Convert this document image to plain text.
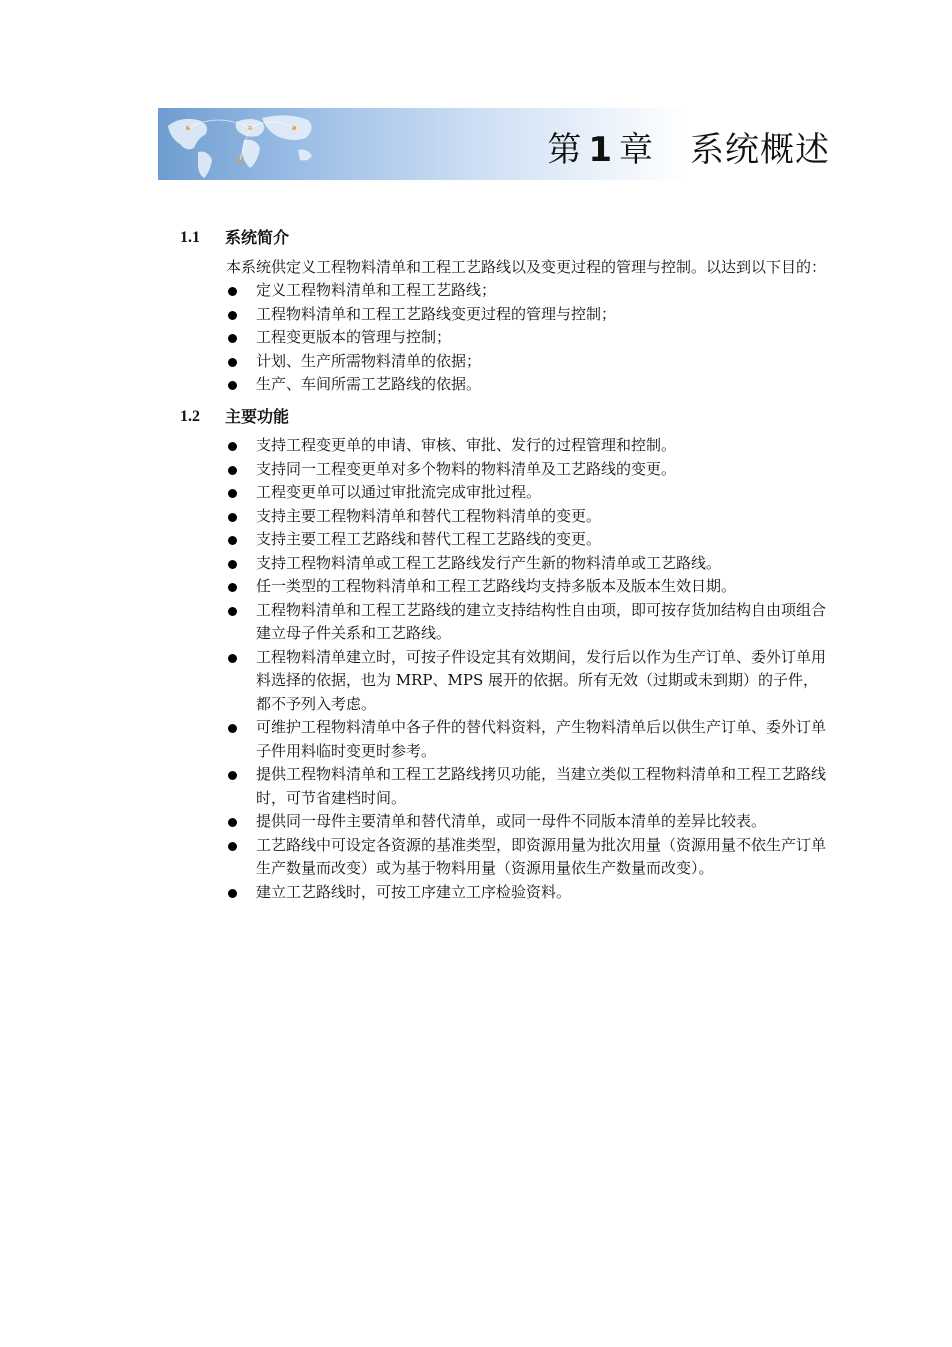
第 1 章 系统概述
1.1	系统简介

本系统供定义工程物料清单和工程工艺路线以及变更过程的管理与控制。以达到以下目的：

定义工程物料清单和工程工艺路线；
工程物料清单和工程工艺路线变更过程的管理与控制；
工程变更版本的管理与控制；
计划、生产所需物料清单的依据；
生产、车间所需工艺路线的依据。
1.2	主要功能
支持工程变更单的申请、审核、审批、发行的过程管理和控制。
支持同一工程变更单对多个物料的物料清单及工艺路线的变更。
工程变更单可以通过审批流完成审批过程。
支持主要工程物料清单和替代工程物料清单的变更。
支持主要工程工艺路线和替代工程工艺路线的变更。
支持工程物料清单或工程工艺路线发行产生新的物料清单或工艺路线。
任一类型的工程物料清单和工程工艺路线均支持多版本及版本生效日期。
工程物料清单和工程工艺路线的建立支持结构性自由项，即可按存货加结构自由项组合建立母子件关系和工艺路线。
工程物料清单建立时，可按子件设定其有效期间，发行后以作为生产订单、委外订单用料选择的依据，也为 MRP、MPS 展开的依据。所有无效（过期或未到期）的子件，都不予列入考虑。
可维护工程物料清单中各子件的替代料资料，产生物料清单后以供生产订单、委外订单子件用料临时变更时参考。
提供工程物料清单和工程工艺路线拷贝功能，当建立类似工程物料清单和工程工艺路线时，可节省建档时间。
提供同一母件主要清单和替代清单，或同一母件不同版本清单的差异比较表。
工艺路线中可设定各资源的基准类型，即资源用量为批次用量（资源用量不依生产订单生产数量而改变）或为基于物料用量（资源用量依生产数量而改变）。
建立工艺路线时，可按工序建立工序检验资料。
